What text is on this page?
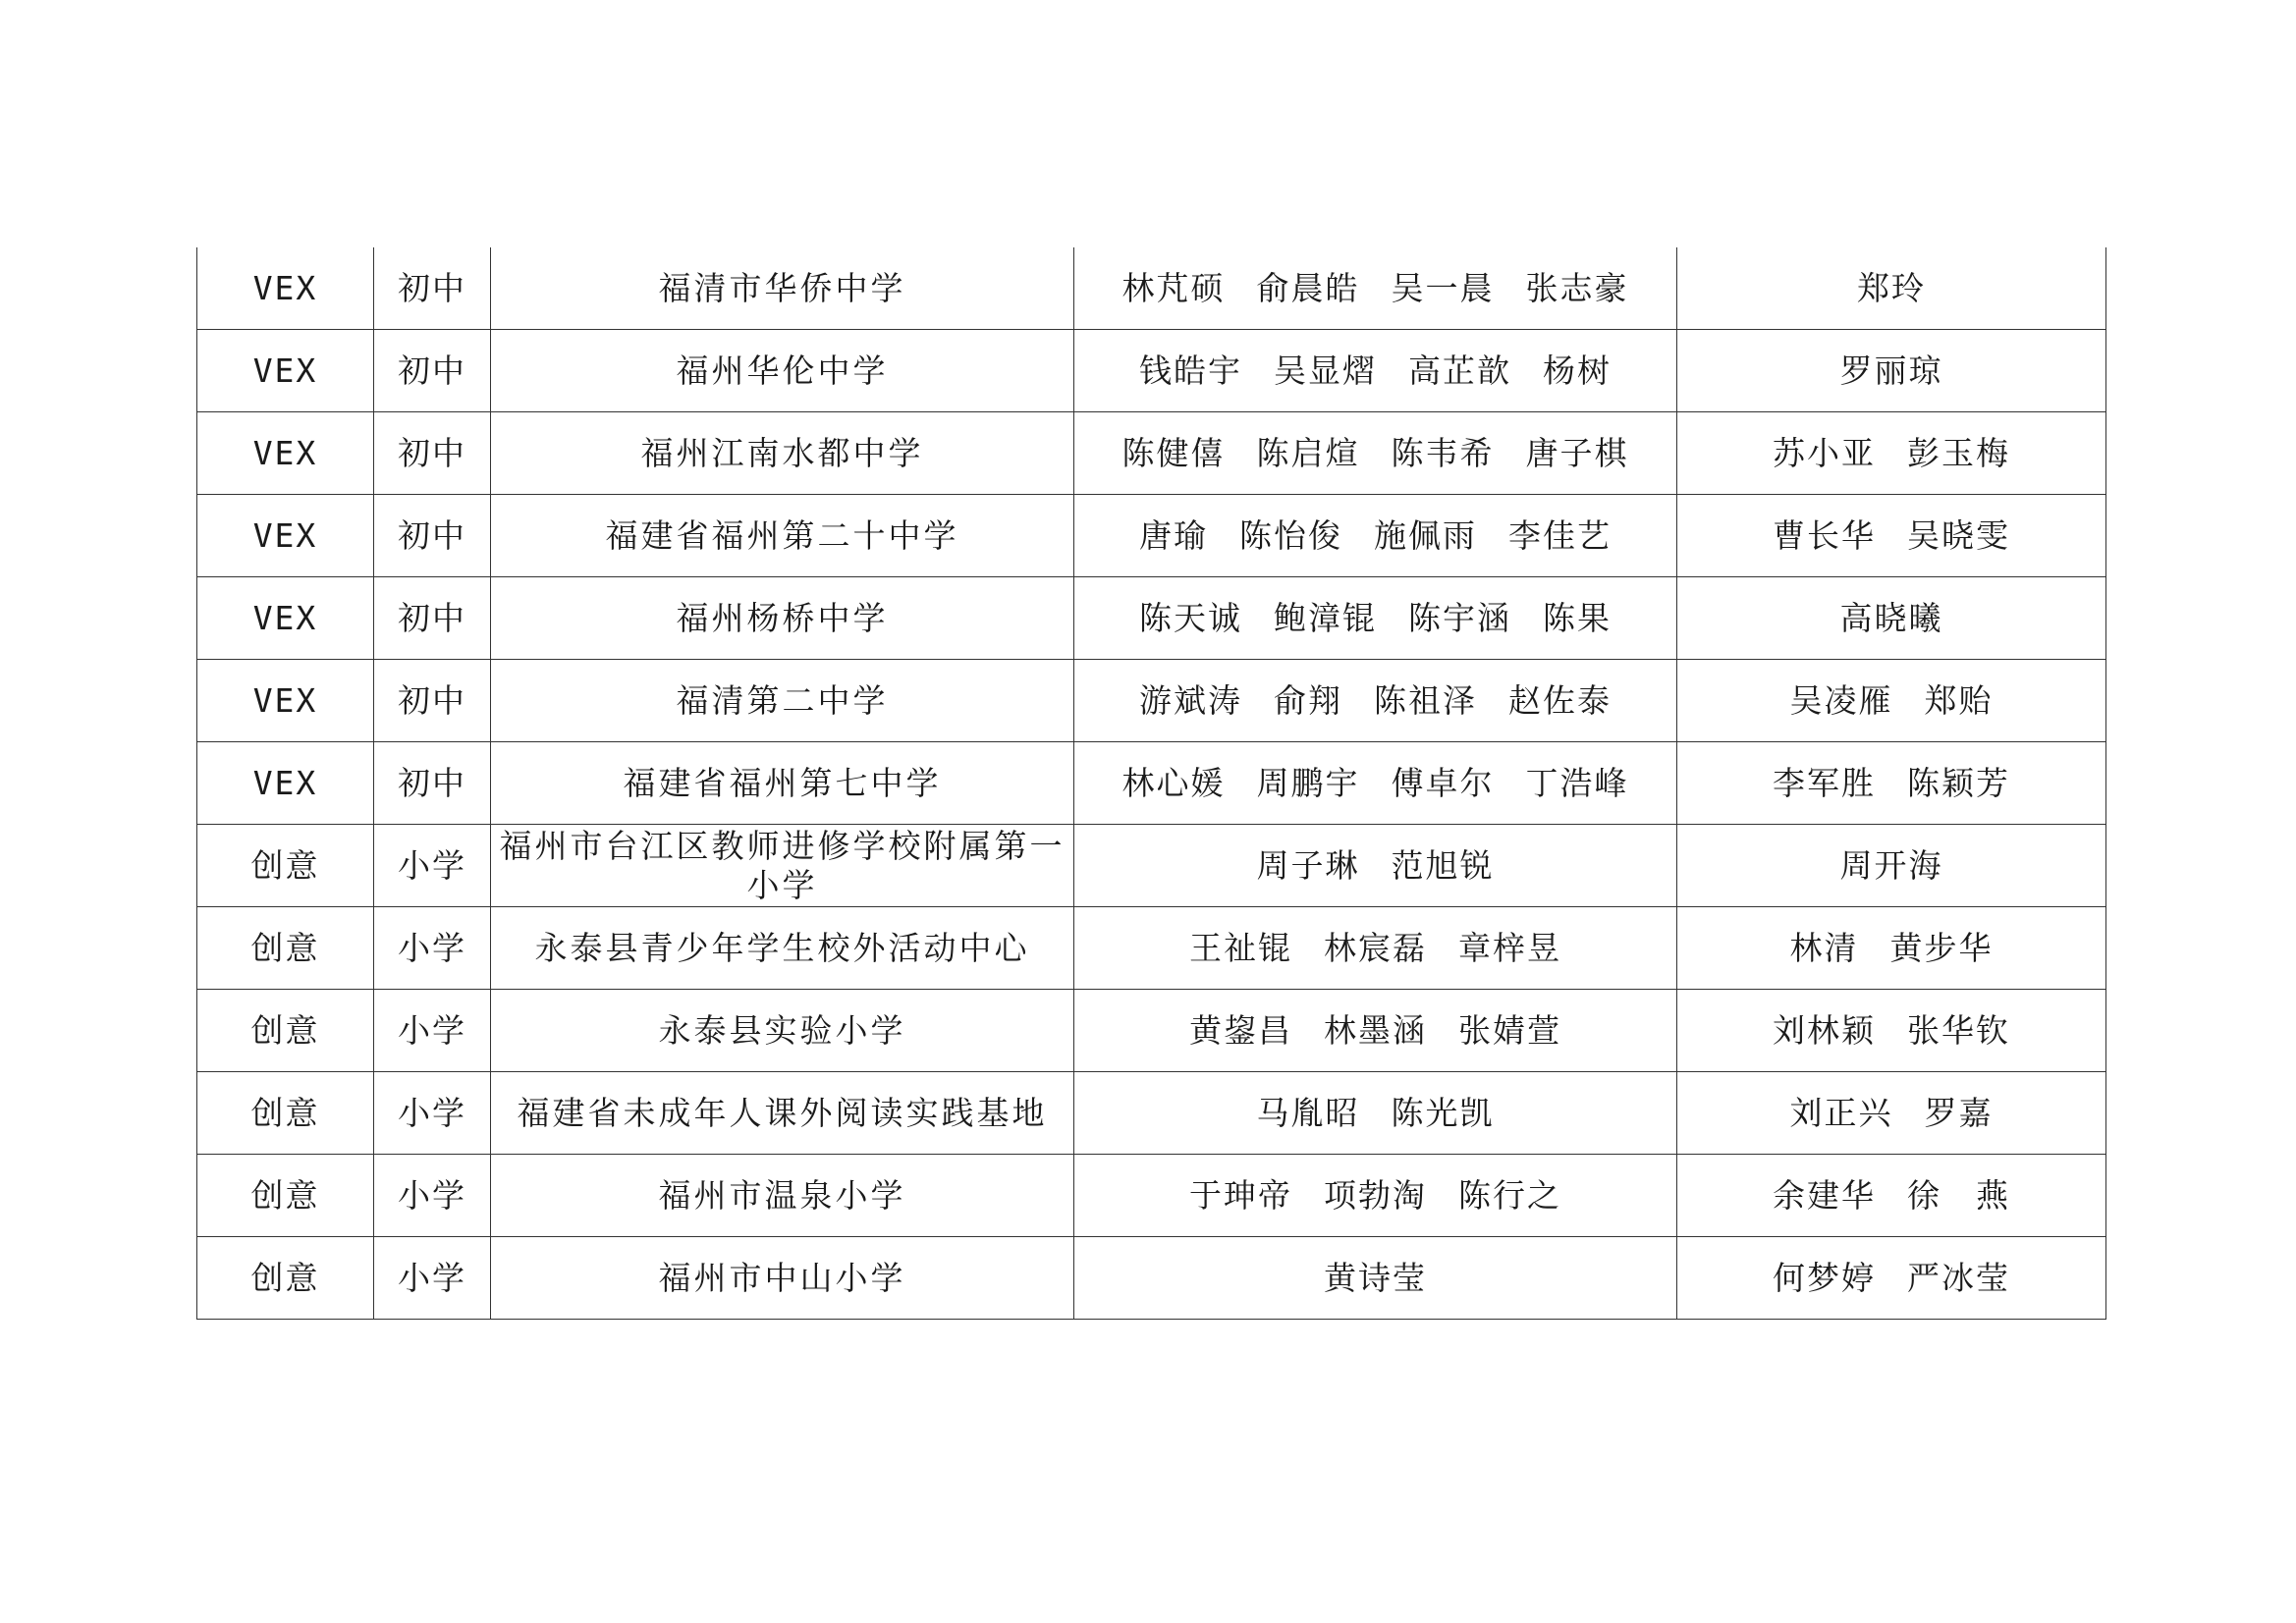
VEX	初中	福清市华侨中学	林芃硕 俞晨皓 吴一晨 张志豪	郑玲
VEX	初中	福州华伦中学	钱皓宇 吴显熠 高芷歆 杨树	罗丽琼
VEX	初中	福州江南水都中学	陈健僖 陈启煊 陈韦希 唐子棋	苏小亚 彭玉梅
VEX	初中	福建省福州第二十中学	唐瑜 陈怡俊 施佩雨 李佳艺	曹长华 吴晓雯
VEX	初中	福州杨桥中学	陈天诚 鲍漳锟 陈宇涵 陈果	高晓曦
VEX	初中	福清第二中学	游斌涛 俞翔 陈祖泽 赵佐泰	吴凌雁 郑贻
VEX	初中	福建省福州第七中学	林心媛 周鹏宇 傅卓尔 丁浩峰	李军胜 陈颖芳
创意	小学	福州市台江区教师进修学校附属第一小学	周子琳 范旭锐	周开海
创意	小学	永泰县青少年学生校外活动中心	王祉锟 林宸磊 章梓昱	林清 黄步华
创意	小学	永泰县实验小学	黄鋆昌 林墨涵 张婧萱	刘林颖 张华钦
创意	小学	福建省未成年人课外阅读实践基地	马胤昭 陈光凯	刘正兴 罗嘉
创意	小学	福州市温泉小学	于珅帝 项勃淘 陈行之	余建华 徐　燕
创意	小学	福州市中山小学	黄诗莹	何梦婷 严冰莹
